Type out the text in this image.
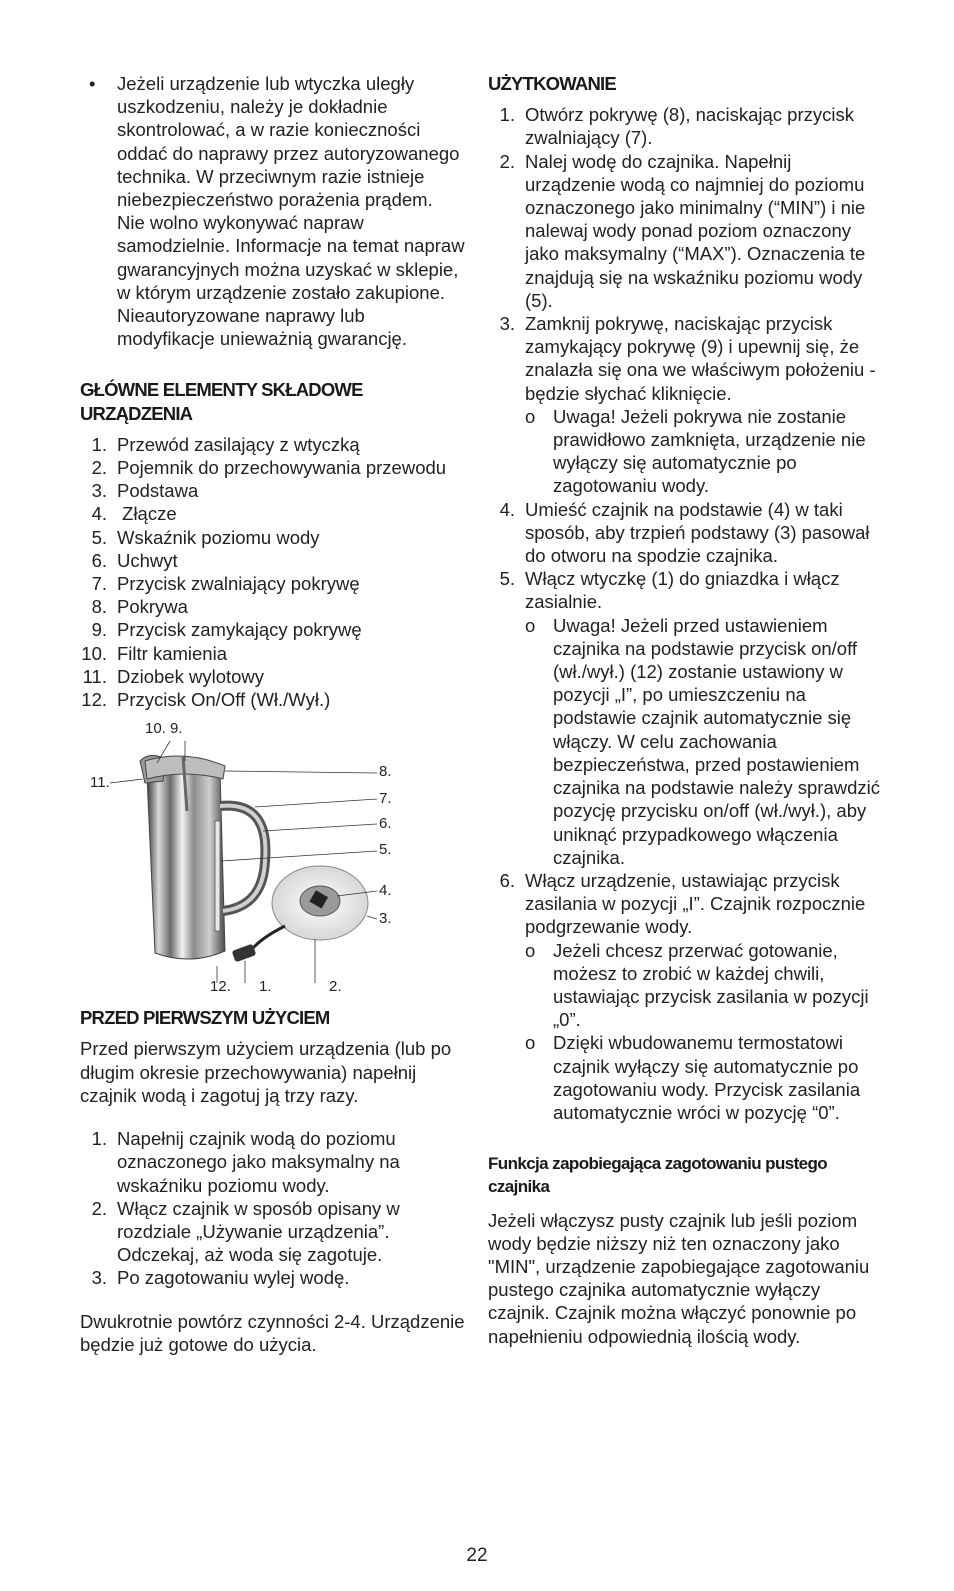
•	Jeżeli urządzenie lub wtyczka uległy uszkodzeniu, należy je dokładnie skontrolować, a w razie konieczności oddać do naprawy przez autoryzowanego technika. W przeciwnym razie istnieje niebezpieczeństwo porażenia prądem. Nie wolno wykonywać napraw samodzielnie. Informacje na temat napraw gwarancyjnych można uzyskać w sklepie, w którym urządzenie zostało zakupione. Nieautoryzowane naprawy lub modyfikacje unieważnią gwarancję.

GŁÓWNE ELEMENTY SKŁADOWE URZĄDZENIA

1. Przewód zasilający z wtyczką
2. Pojemnik do przechowywania przewodu
3. Podstawa
4. Złącze
5. Wskaźnik poziomu wody
6. Uchwyt
7. Przycisk zwalniający pokrywę
8. Pokrywa
9. Przycisk zamykający pokrywę
10. Filtr kamienia
11. Dziobek wylotowy
12. Przycisk On/Off (Wł./Wył.)
10. 9.
11.
8.
7.
6.
5.
4.
3.
12. 1.	2.

PRZED PIERWSZYM UŻYCIEM

Przed pierwszym użyciem urządzenia (lub po długim okresie przechowywania) napełnij czajnik wodą i zagotuj ją trzy razy.

1. Napełnij czajnik wodą do poziomu oznaczonego jako maksymalny na wskaźniku poziomu wody.
2. Włącz czajnik w sposób opisany w rozdziale „Używanie urządzenia”. Odczekaj, aż woda się zagotuje.
3. Po zagotowaniu wylej wodę.

Dwukrotnie powtórz czynności 2-4. Urządzenie będzie już gotowe do użycia.

UŻYTKOWANIE

1. Otwórz pokrywę (8), naciskając przycisk zwalniający (7).
2. Nalej wodę do czajnika. Napełnij urządzenie wodą co najmniej do poziomu oznaczonego jako minimalny (“MIN”) i nie nalewaj wody ponad poziom oznaczony jako maksymalny (“MAX”). Oznaczenia te znajdują się na wskaźniku poziomu wody (5).
3. Zamknij pokrywę, naciskając przycisk zamykający pokrywę (9) i upewnij się, że znalazła się ona we właściwym położeniu - będzie słychać kliknięcie.
o Uwaga! Jeżeli pokrywa nie zostanie prawidłowo zamknięta, urządzenie nie wyłączy się automatycznie po zagotowaniu wody.
4. Umieść czajnik na podstawie (4) w taki sposób, aby trzpień podstawy (3) pasował do otworu na spodzie czajnika.
5. Włącz wtyczkę (1) do gniazdka i włącz zasialnie.
o Uwaga! Jeżeli przed ustawieniem czajnika na podstawie przycisk on/off (wł./wył.) (12) zostanie ustawiony w pozycji „I”, po umieszczeniu na podstawie czajnik automatycznie się włączy. W celu zachowania bezpieczeństwa, przed postawieniem czajnika na podstawie należy sprawdzić pozycję przycisku on/off (wł./wył.), aby uniknąć przypadkowego włączenia czajnika.
6. Włącz urządzenie, ustawiając przycisk zasilania w pozycji „I”. Czajnik rozpocznie podgrzewanie wody.
o Jeżeli chcesz przerwać gotowanie, możesz to zrobić w każdej chwili, ustawiając przycisk zasilania w pozycji „0”.
o Dzięki wbudowanemu termostatowi czajnik wyłączy się automatycznie po zagotowaniu wody. Przycisk zasilania automatycznie wróci w pozycję “0”.

Funkcja zapobiegająca zagotowaniu pustego czajnika

Jeżeli włączysz pusty czajnik lub jeśli poziom wody będzie niższy niż ten oznaczony jako "MIN", urządzenie zapobiegające zagotowaniu pustego czajnika automatycznie wyłączy czajnik. Czajnik można włączyć ponownie po napełnieniu odpowiednią ilością wody.

22
